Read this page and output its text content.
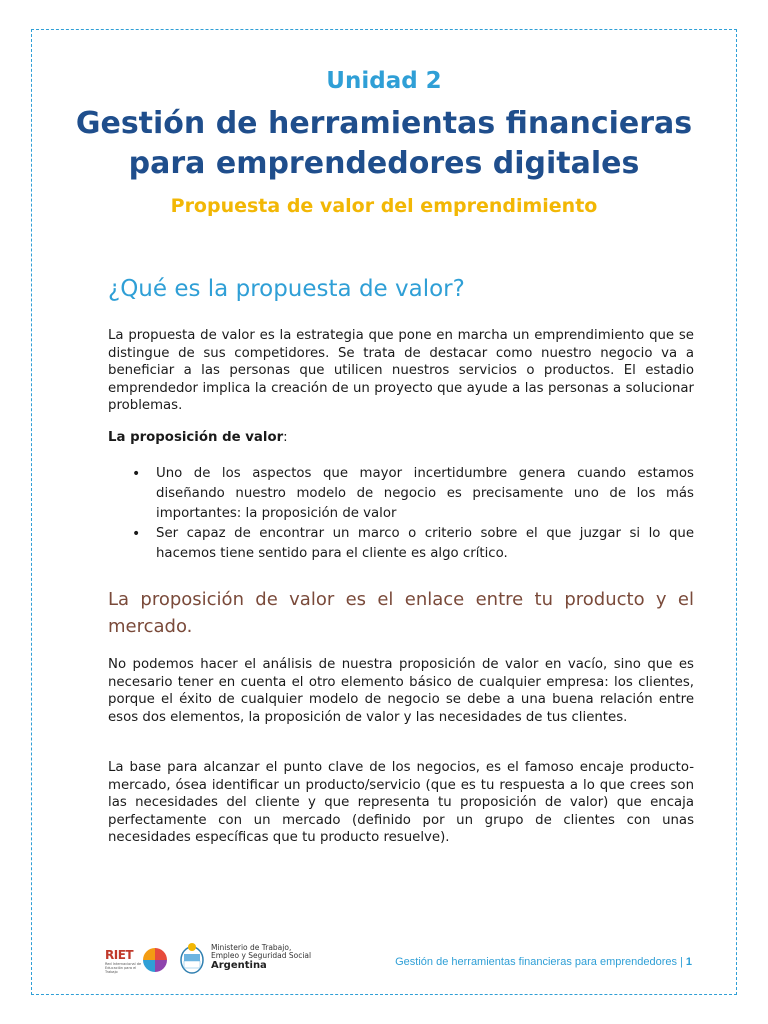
Unidad 2
Gestión de herramientas financieras
para emprendedores digitales
Propuesta de valor del emprendimiento
¿Qué es la propuesta de valor?

La propuesta de valor es la estrategia que pone en marcha un emprendimiento que se distingue de sus competidores. Se trata de destacar como nuestro negocio va a beneficiar a las personas que utilicen nuestros servicios o productos. El estadio emprendedor implica la creación de un proyecto que ayude a las personas a solucionar problemas.

La proposición de valor:
• Uno de los aspectos que mayor incertidumbre genera cuando estamos diseñando nuestro modelo de negocio es precisamente uno de los más importantes: la proposición de valor
• Ser capaz de encontrar un marco o criterio sobre el que juzgar si lo que hacemos tiene sentido para el cliente es algo crítico.
La proposición de valor es el enlace entre tu producto y el mercado.

No podemos hacer el análisis de nuestra proposición de valor en vacío, sino que es necesario tener en cuenta el otro elemento básico de cualquier empresa: los clientes, porque el éxito de cualquier modelo de negocio se debe a una buena relación entre esos dos elementos, la proposición de valor y las necesidades de tus clientes.

La base para alcanzar el punto clave de los negocios, es el famoso encaje producto-mercado, ósea identificar un producto/servicio (que es tu respuesta a lo que crees son las necesidades del cliente y que representa tu proposición de valor) que encaja perfectamente con un mercado (definido por un grupo de clientes con unas necesidades específicas que tu producto resuelve).

RIET
Red Internacional de Educación para el Trabajo
Ministerio de Trabajo,
Empleo y Seguridad Social
Argentina	Gestión de herramientas financieras para emprendedores | 1
